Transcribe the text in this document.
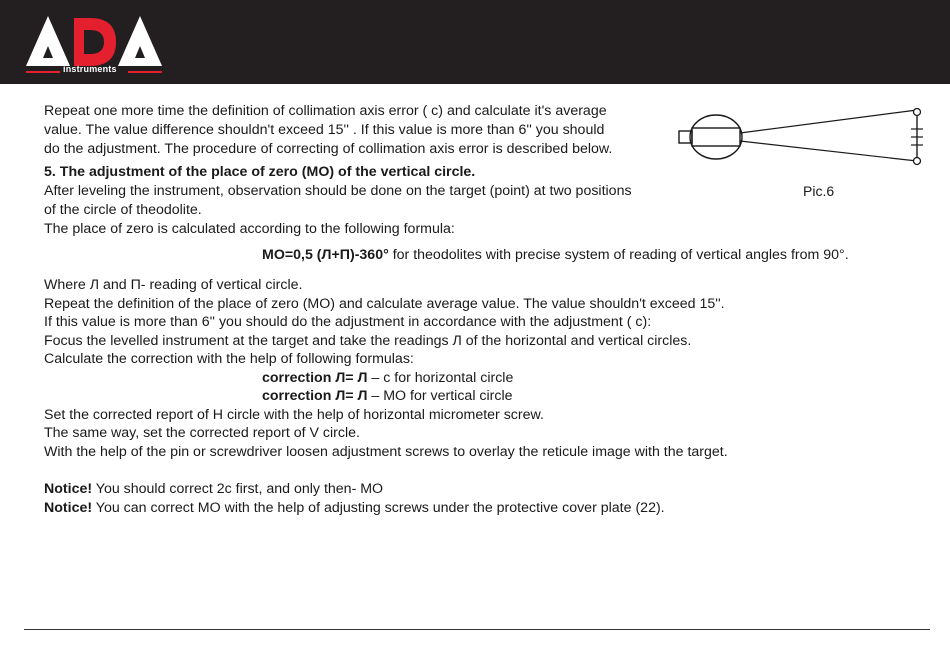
instruments
Repeat one more time the definition of collimation axis error ( c) and calculate it's average
value. The value difference shouldn't exceed 15'' . If this value is more than 6'' you should
do the adjustment. The procedure of correcting of collimation axis error is described below.
5. The adjustment of the place of zero (MO) of the vertical circle.
After leveling the instrument, observation should be done on the target (point) at two positions
of the circle of theodolite.
The place of zero is calculated according to the following formula:
MO=0,5 (Л+П)-360° for theodolites with precise system of reading of vertical angles from 90°.
Pic.6
Where Л and П- reading of vertical circle.
Repeat the definition of the place of zero (MO) and calculate average value. The value shouldn't exceed 15''.
If this value is more than 6'' you should do the adjustment in accordance with the adjustment ( c):
Focus the levelled instrument at the target and take the readings Л of the horizontal and vertical circles.
Calculate the correction with the help of following formulas:
correction Л= Л – c for horizontal circle
correction Л= Л – MO for vertical circle
Set the corrected report of H circle with the help of horizontal micrometer screw.
The same way, set the corrected report of V circle.
With the help of the pin or screwdriver loosen adjustment screws to overlay the reticule image with the target.
Notice! You should correct 2c first, and only then- MO
Notice! You can correct MO with the help of adjusting screws under the protective cover plate (22).
